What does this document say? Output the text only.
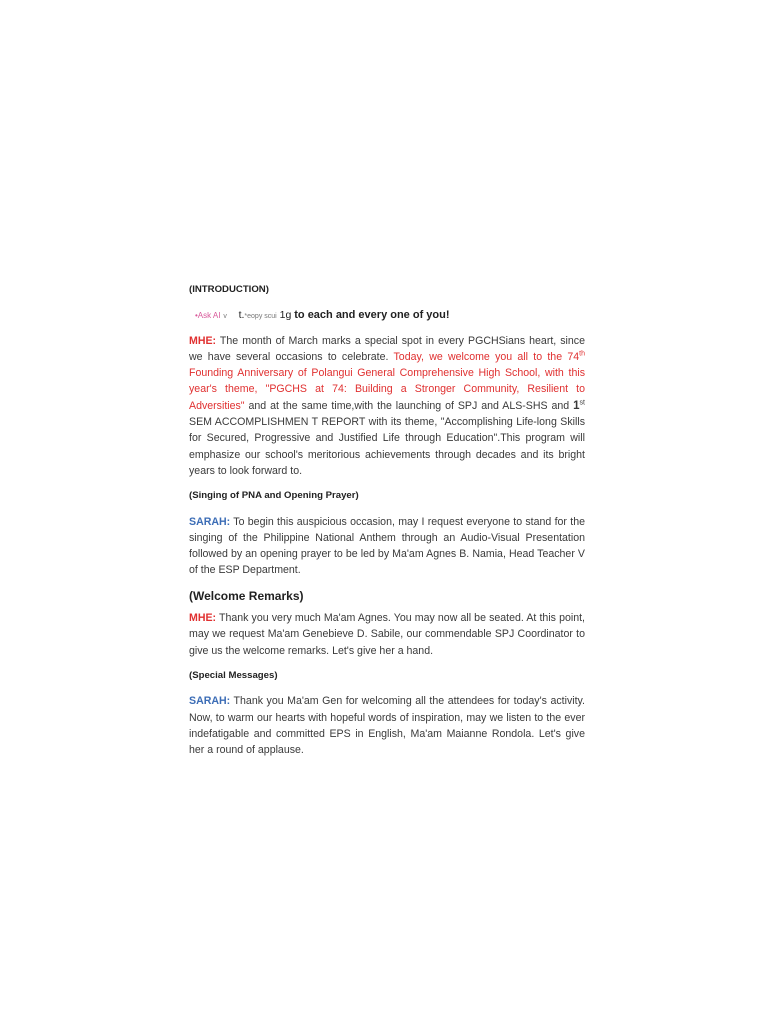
(INTRODUCTION)
•Ask AI v t.*eopy scui 1g to each and every one of you!

MHE: The month of March marks a special spot in every PGCHSians heart, since we have several occasions to celebrate. Today, we welcome you all to the 74th Founding Anniversary of Polangui General Comprehensive High School, with this year's theme, "PGCHS at 74: Building a Stronger Community, Resilient to Adversities" and at the same time,with the launching of SPJ and ALS-SHS and 1st SEM ACCOMPLISHMEN T REPORT with its theme, "Accomplishing Life-long Skills for Secured, Progressive and Justified Life through Education".This program will emphasize our school's meritorious achievements through decades and its bright years to look forward to.

(Singing of PNA and Opening Prayer)

SARAH: To begin this auspicious occasion, may I request everyone to stand for the singing of the Philippine National Anthem through an Audio-Visual Presentation followed by an opening prayer to be led by Ma'am Agnes B. Namia, Head Teacher V of the ESP Department.

(Welcome Remarks)

MHE: Thank you very much Ma'am Agnes. You may now all be seated. At this point, may we request Ma'am Genebieve D. Sabile, our commendable SPJ Coordinator to give us the welcome remarks. Let's give her a hand.

(Special Messages)

SARAH: Thank you Ma'am Gen for welcoming all the attendees for today's activity. Now, to warm our hearts with hopeful words of inspiration, may we listen to the ever indefatigable and committed EPS in English, Ma'am Maianne Rondola. Let's give her a round of applause.
